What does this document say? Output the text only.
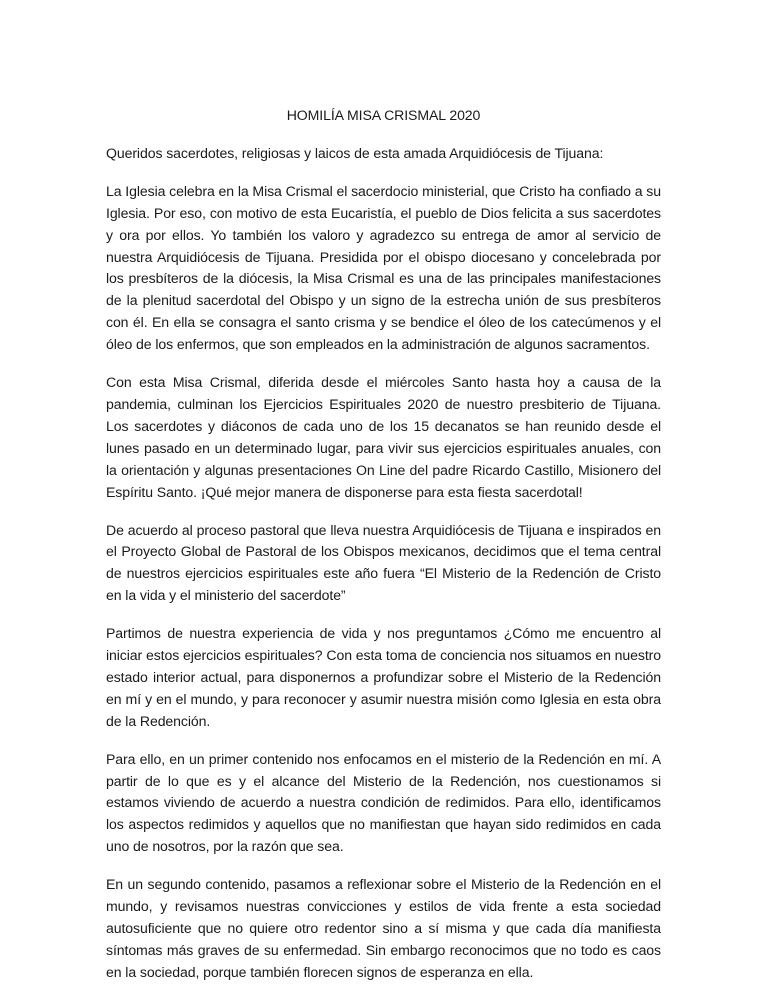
HOMILÍA MISA CRISMAL 2020

Queridos sacerdotes, religiosas y laicos de esta amada Arquidiócesis de Tijuana:

La Iglesia celebra en la Misa Crismal el sacerdocio ministerial, que Cristo ha confiado a su Iglesia. Por eso, con motivo de esta Eucaristía, el pueblo de Dios felicita a sus sacerdotes y ora por ellos. Yo también los valoro y agradezco su entrega de amor al servicio de nuestra Arquidiócesis de Tijuana. Presidida por el obispo diocesano y concelebrada por los presbíteros de la diócesis, la Misa Crismal es una de las principales manifestaciones de la plenitud sacerdotal del Obispo y un signo de la estrecha unión de sus presbíteros con él. En ella se consagra el santo crisma y se bendice el óleo de los catecúmenos y el óleo de los enfermos, que son empleados en la administración de algunos sacramentos.

Con esta Misa Crismal, diferida desde el miércoles Santo hasta hoy a causa de la pandemia, culminan los Ejercicios Espirituales 2020 de nuestro presbiterio de Tijuana. Los sacerdotes y diáconos de cada uno de los 15 decanatos se han reunido desde el lunes pasado en un determinado lugar, para vivir sus ejercicios espirituales anuales, con la orientación y algunas presentaciones On Line del padre Ricardo Castillo, Misionero del Espíritu Santo. ¡Qué mejor manera de disponerse para esta fiesta sacerdotal!

De acuerdo al proceso pastoral que lleva nuestra Arquidiócesis de Tijuana e inspirados en el Proyecto Global de Pastoral de los Obispos mexicanos, decidimos que el tema central de nuestros ejercicios espirituales este año fuera “El Misterio de la Redención de Cristo en la vida y el ministerio del sacerdote”

Partimos de nuestra experiencia de vida y nos preguntamos ¿Cómo me encuentro al iniciar estos ejercicios espirituales? Con esta toma de conciencia nos situamos en nuestro estado interior actual, para disponernos a profundizar sobre el Misterio de la Redención en mí y en el mundo, y para reconocer y asumir nuestra misión como Iglesia en esta obra de la Redención.

Para ello, en un primer contenido nos enfocamos en el misterio de la Redención en mí. A partir de lo que es y el alcance del Misterio de la Redención, nos cuestionamos si estamos viviendo de acuerdo a nuestra condición de redimidos. Para ello, identificamos los aspectos redimidos y aquellos que no manifiestan que hayan sido redimidos en cada uno de nosotros, por la razón que sea.

En un segundo contenido, pasamos a reflexionar sobre el Misterio de la Redención en el mundo, y revisamos nuestras convicciones y estilos de vida frente a esta sociedad autosuficiente que no quiere otro redentor sino a sí misma y que cada día manifiesta síntomas más graves de su enfermedad. Sin embargo reconocimos que no todo es caos en la sociedad, porque también florecen signos de esperanza en ella.
